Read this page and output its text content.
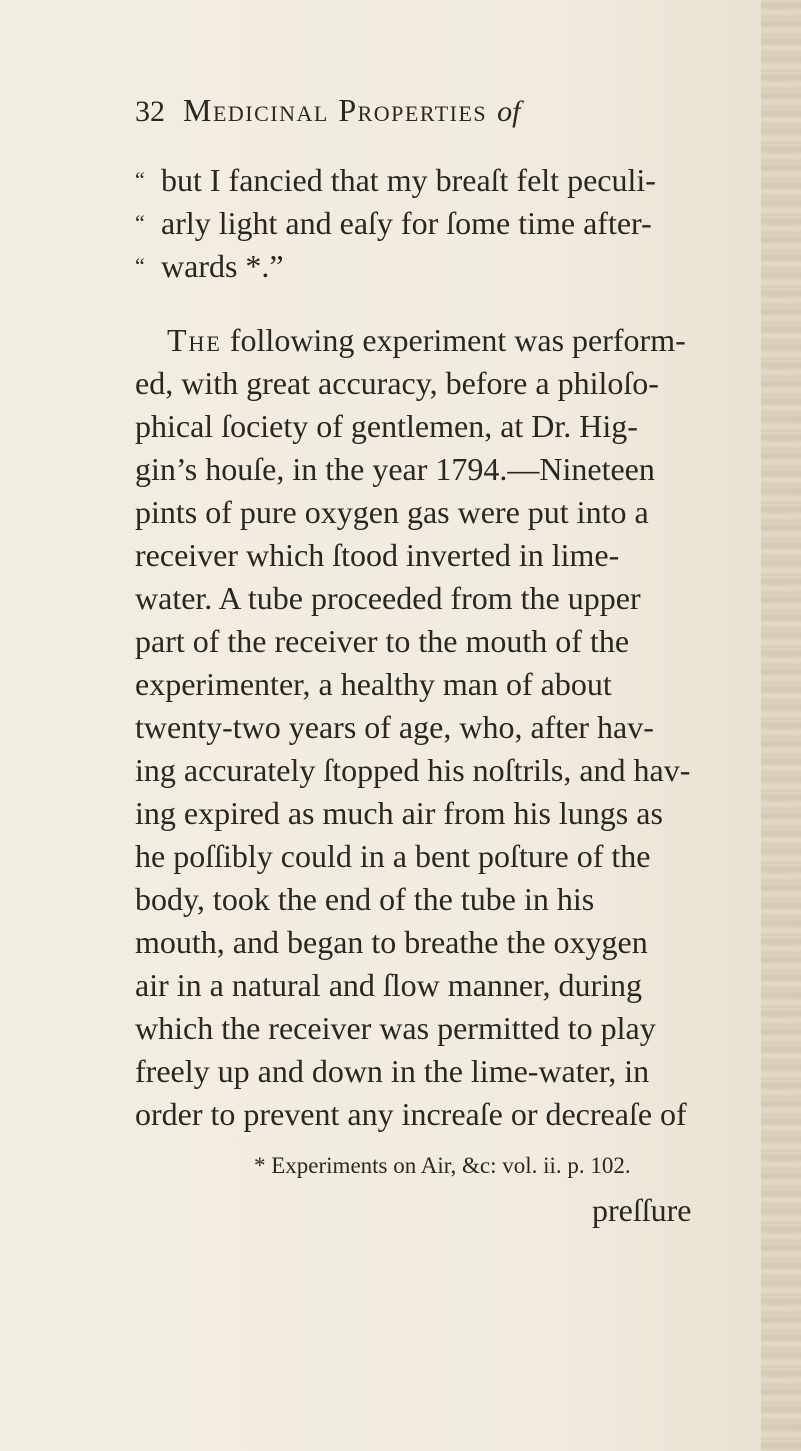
32 Medicinal Properties of
“ but I fancied that my breaſt felt peculi-
“ arly light and eaſy for ſome time after-
“ wards *.”
The following experiment was perform-
ed, with great accuracy, before a philoſo-
phical ſociety of gentlemen, at Dr. Hig-
gin’s houſe, in the year 1794.—Nineteen
pints of pure oxygen gas were put into a
receiver which ſtood inverted in lime-
water. A tube proceeded from the upper
part of the receiver to the mouth of the
experimenter, a healthy man of about
twenty-two years of age, who, after hav-
ing accurately ſtopped his noſtrils, and hav-
ing expired as much air from his lungs as
he poſſibly could in a bent poſture of the
body, took the end of the tube in his
mouth, and began to breathe the oxygen
air in a natural and ſlow manner, during
which the receiver was permitted to play
freely up and down in the lime-water, in
order to prevent any increaſe or decreaſe of
* Experiments on Air, &c: vol. ii. p. 102.
preſſure
